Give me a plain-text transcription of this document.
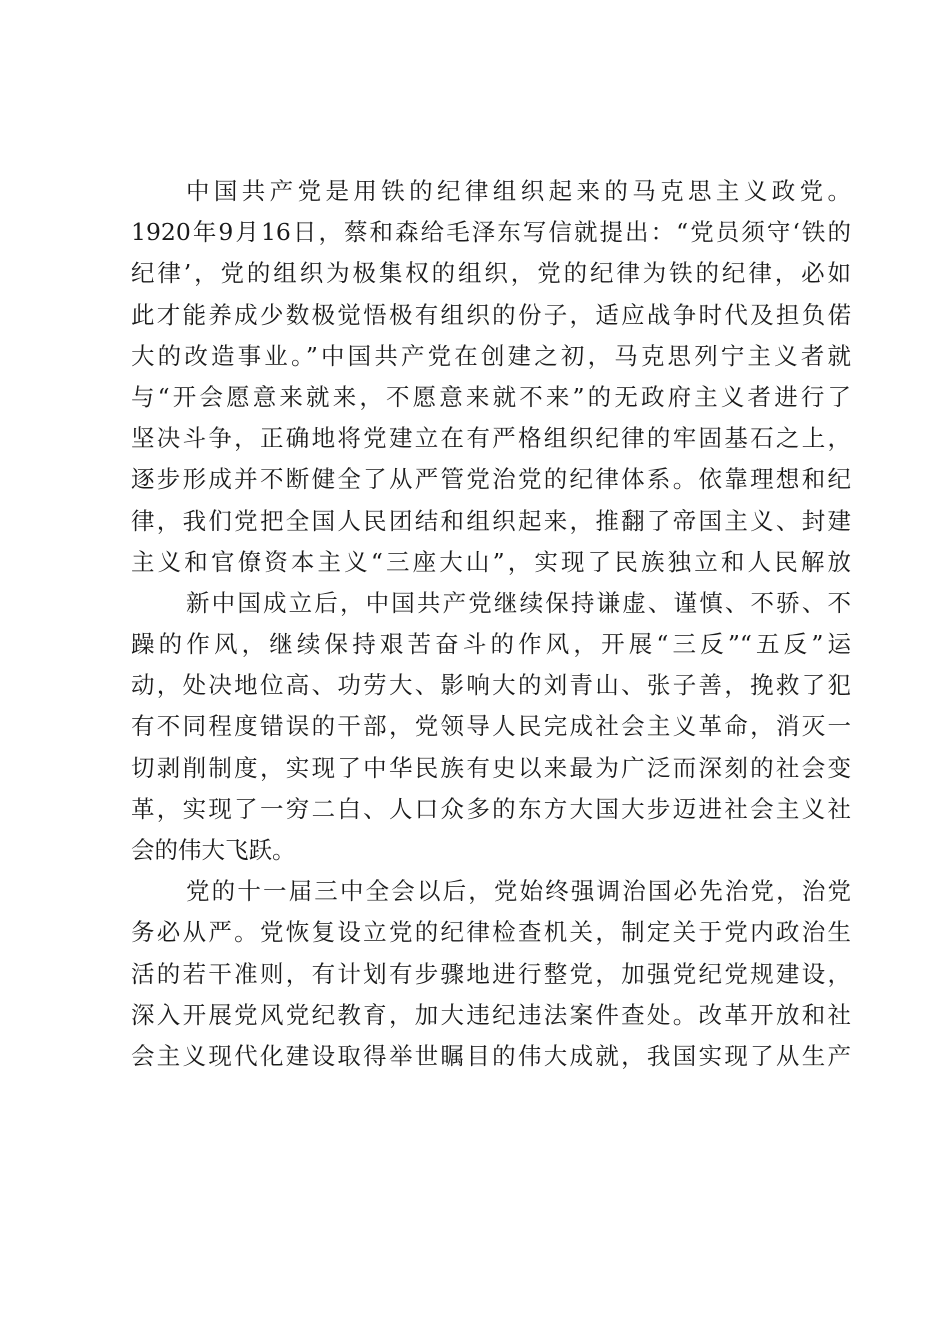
中国共产党是用铁的纪律组织起来的马克思主义政党。
1920年9月16日，蔡和森给毛泽东写信就提出：“党员须守‘铁的
纪律’，党的组织为极集权的组织，党的纪律为铁的纪律，必如
此才能养成少数极觉悟极有组织的份子，适应战争时代及担负偌
大的改造事业。”中国共产党在创建之初，马克思列宁主义者就
与“开会愿意来就来，不愿意来就不来”的无政府主义者进行了
坚决斗争，正确地将党建立在有严格组织纪律的牢固基石之上，
逐步形成并不断健全了从严管党治党的纪律体系。依靠理想和纪
律，我们党把全国人民团结和组织起来，推翻了帝国主义、封建
主义和官僚资本主义“三座大山”，实现了民族独立和人民解放
新中国成立后，中国共产党继续保持谦虚、谨慎、不骄、不
躁的作风，继续保持艰苦奋斗的作风，开展“三反”“五反”运
动，处决地位高、功劳大、影响大的刘青山、张子善，挽救了犯
有不同程度错误的干部，党领导人民完成社会主义革命，消灭一
切剥削制度，实现了中华民族有史以来最为广泛而深刻的社会变
革，实现了一穷二白、人口众多的东方大国大步迈进社会主义社
会的伟大飞跃。
党的十一届三中全会以后，党始终强调治国必先治党，治党
务必从严。党恢复设立党的纪律检查机关，制定关于党内政治生
活的若干准则，有计划有步骤地进行整党，加强党纪党规建设，
深入开展党风党纪教育，加大违纪违法案件查处。改革开放和社
会主义现代化建设取得举世瞩目的伟大成就，我国实现了从生产
